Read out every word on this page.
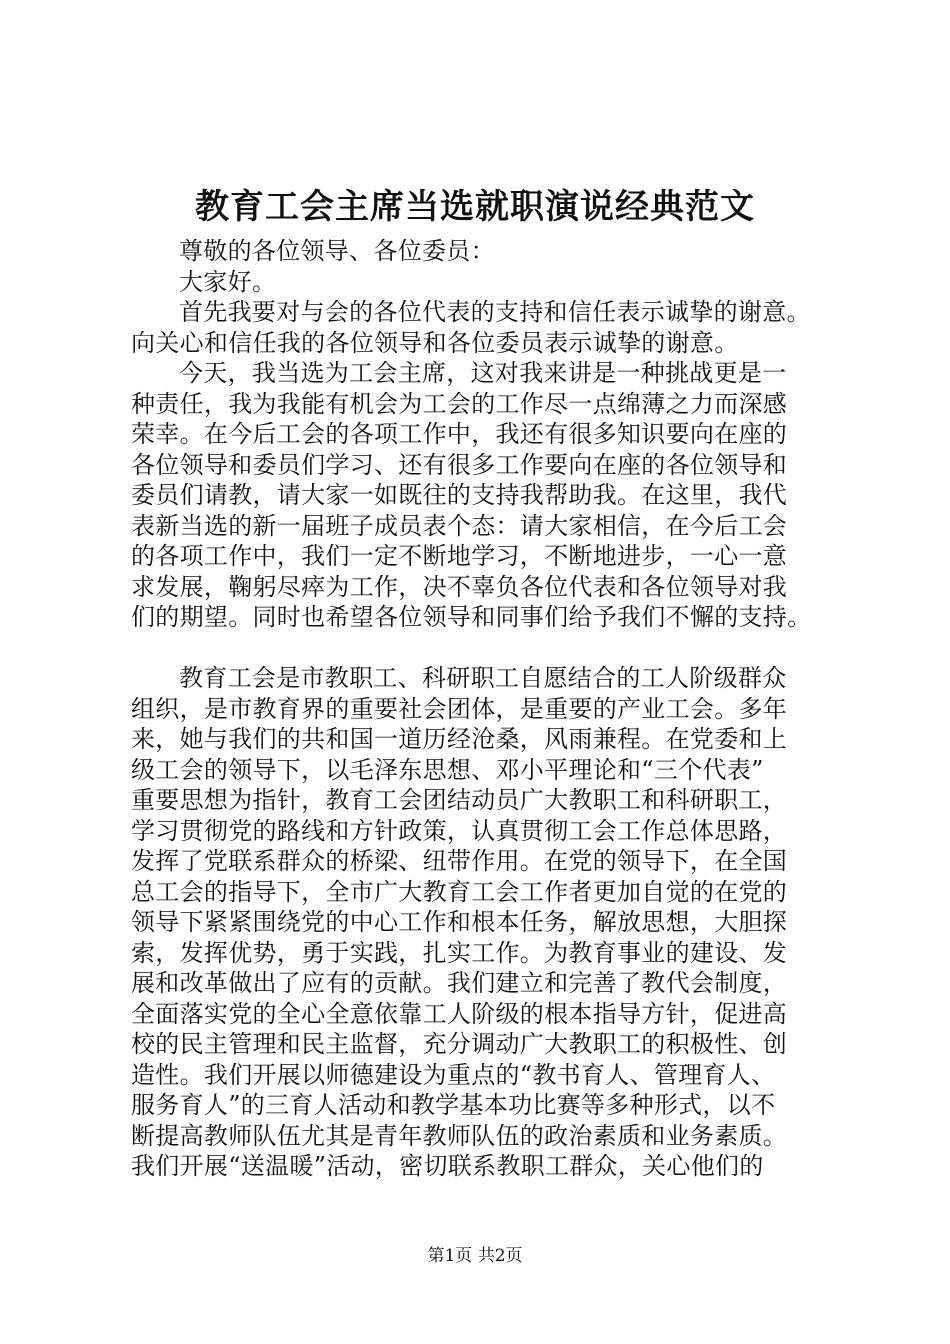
教育工会主席当选就职演说经典范文
尊敬的各位领导、各位委员：
大家好。
首先我要对与会的各位代表的支持和信任表示诚挚的谢意。
向关心和信任我的各位领导和各位委员表示诚挚的谢意。
今天，我当选为工会主席，这对我来讲是一种挑战更是一
种责任，我为我能有机会为工会的工作尽一点绵薄之力而深感
荣幸。在今后工会的各项工作中，我还有很多知识要向在座的
各位领导和委员们学习、还有很多工作要向在座的各位领导和
委员们请教，请大家一如既往的支持我帮助我。在这里，我代
表新当选的新一届班子成员表个态：请大家相信，在今后工会
的各项工作中，我们一定不断地学习，不断地进步，一心一意
求发展，鞠躬尽瘁为工作，决不辜负各位代表和各位领导对我
们的期望。同时也希望各位领导和同事们给予我们不懈的支持。
教育工会是市教职工、科研职工自愿结合的工人阶级群众
组织，是市教育界的重要社会团体，是重要的产业工会。多年
来，她与我们的共和国一道历经沧桑，风雨兼程。在党委和上
级工会的领导下，以毛泽东思想、邓小平理论和“三个代表”
重要思想为指针，教育工会团结动员广大教职工和科研职工，
学习贯彻党的路线和方针政策，认真贯彻工会工作总体思路，
发挥了党联系群众的桥梁、纽带作用。在党的领导下，在全国
总工会的指导下，全市广大教育工会工作者更加自觉的在党的
领导下紧紧围绕党的中心工作和根本任务，解放思想，大胆探
索，发挥优势，勇于实践，扎实工作。为教育事业的建设、发
展和改革做出了应有的贡献。我们建立和完善了教代会制度，
全面落实党的全心全意依靠工人阶级的根本指导方针，促进高
校的民主管理和民主监督，充分调动广大教职工的积极性、创
造性。我们开展以师德建设为重点的“教书育人、管理育人、
服务育人”的三育人活动和教学基本功比赛等多种形式，以不
断提高教师队伍尤其是青年教师队伍的政治素质和业务素质。
我们开展“送温暖”活动，密切联系教职工群众，关心他们的
第1页 共2页
